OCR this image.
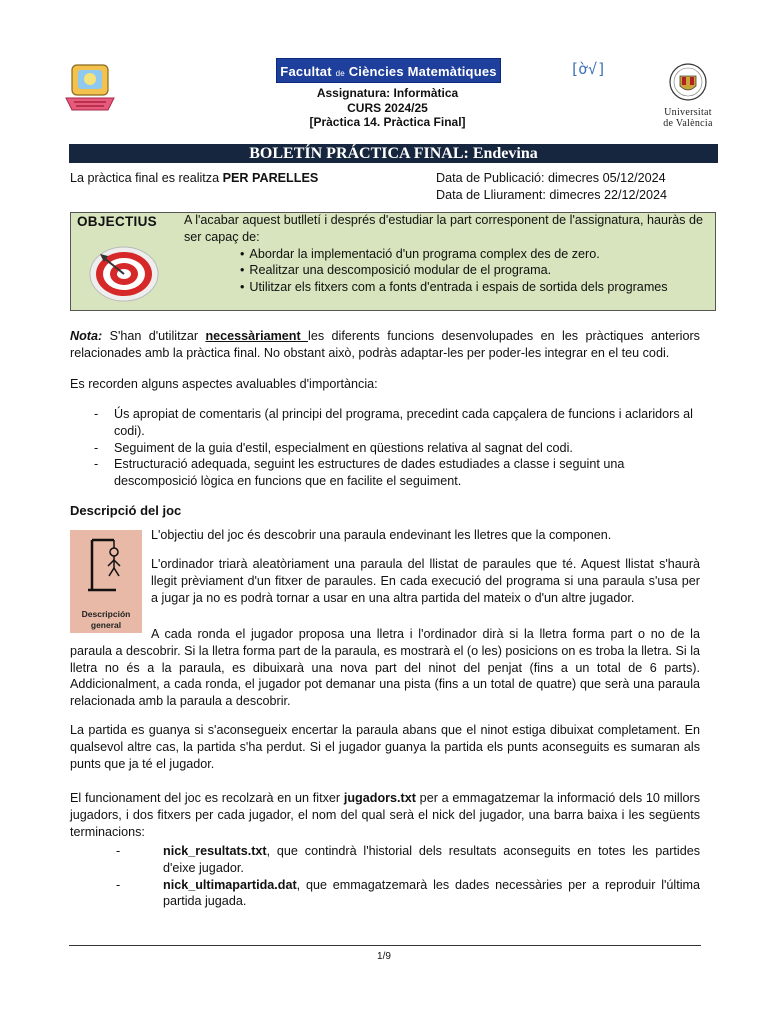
Facultat de Ciències Matemàtiques
Assignatura: Informàtica
CURS 2024/25
[Pràctica 14. Pràctica Final]
[ờ√]
Universitat
de València
BOLETÍN PRÁCTICA FINAL: Endevina
La pràctica final es realitza PER PARELLES	Data de Publicació: dimecres 05/12/2024
Data de Lliurament: dimecres 22/12/2024
OBJECTIUS A l'acabar aquest butlletí i després d'estudiar la part corresponent de l'assignatura, hauràs de ser capaç de:
• Abordar la implementació d'un programa complex des de zero.
• Realitzar una descomposició modular de el programa.
• Utilitzar els fitxers com a fonts d'entrada i espais de sortida dels programes
Nota: S'han d'utilitzar necessàriament les diferents funcions desenvolupades en les pràctiques anteriors relacionades amb la pràctica final. No obstant això, podràs adaptar-les per poder-les integrar en el teu codi.
Es recorden alguns aspectes avaluables d'importància:
- Ús apropiat de comentaris (al principi del programa, precedint cada capçalera de funcions i aclaridors al codi).
- Seguiment de la guia d'estil, especialment en qüestions relativa al sagnat del codi.
- Estructuració adequada, seguint les estructures de dades estudiades a classe i seguint una descomposició lògica en funcions que en facilite el seguiment.
Descripció del joc
Descripción
general
L'objectiu del joc és descobrir una paraula endevinant les lletres que la componen.
L'ordinador triarà aleatòriament una paraula del llistat de paraules que té. Aquest llistat s'haurà llegit prèviament d'un fitxer de paraules. En cada execució del programa si una paraula s'usa per a jugar ja no es podrà tornar a usar en una altra partida del mateix o d'un altre jugador.
A cada ronda el jugador proposa una lletra i l'ordinador dirà si la lletra forma part o no de la paraula a descobrir. Si la lletra forma part de la paraula, es mostrarà el (o les) posicions on es troba la lletra. Si la lletra no és a la paraula, es dibuixarà una nova part del ninot del penjat (fins a un total de 6 parts). Addicionalment, a cada ronda, el jugador pot demanar una pista (fins a un total de quatre) que serà una paraula relacionada amb la paraula a descobrir.
La partida es guanya si s'aconsegueix encertar la paraula abans que el ninot estiga dibuixat completament. En qualsevol altre cas, la partida s'ha perdut. Si el jugador guanya la partida els punts aconseguits es sumaran als punts que ja té el jugador.
El funcionament del joc es recolzarà en un fitxer jugadors.txt per a emmagatzemar la informació dels 10 millors jugadors, i dos fitxers per cada jugador, el nom del qual serà el nick del jugador, una barra baixa i les següents terminacions:
-	nick_resultats.txt, que contindrà l'historial dels resultats aconseguits en totes les partides d'eixe jugador.
-	nick_ultimapartida.dat, que emmagatzemarà les dades necessàries per a reproduir l'última partida jugada.
1/9
